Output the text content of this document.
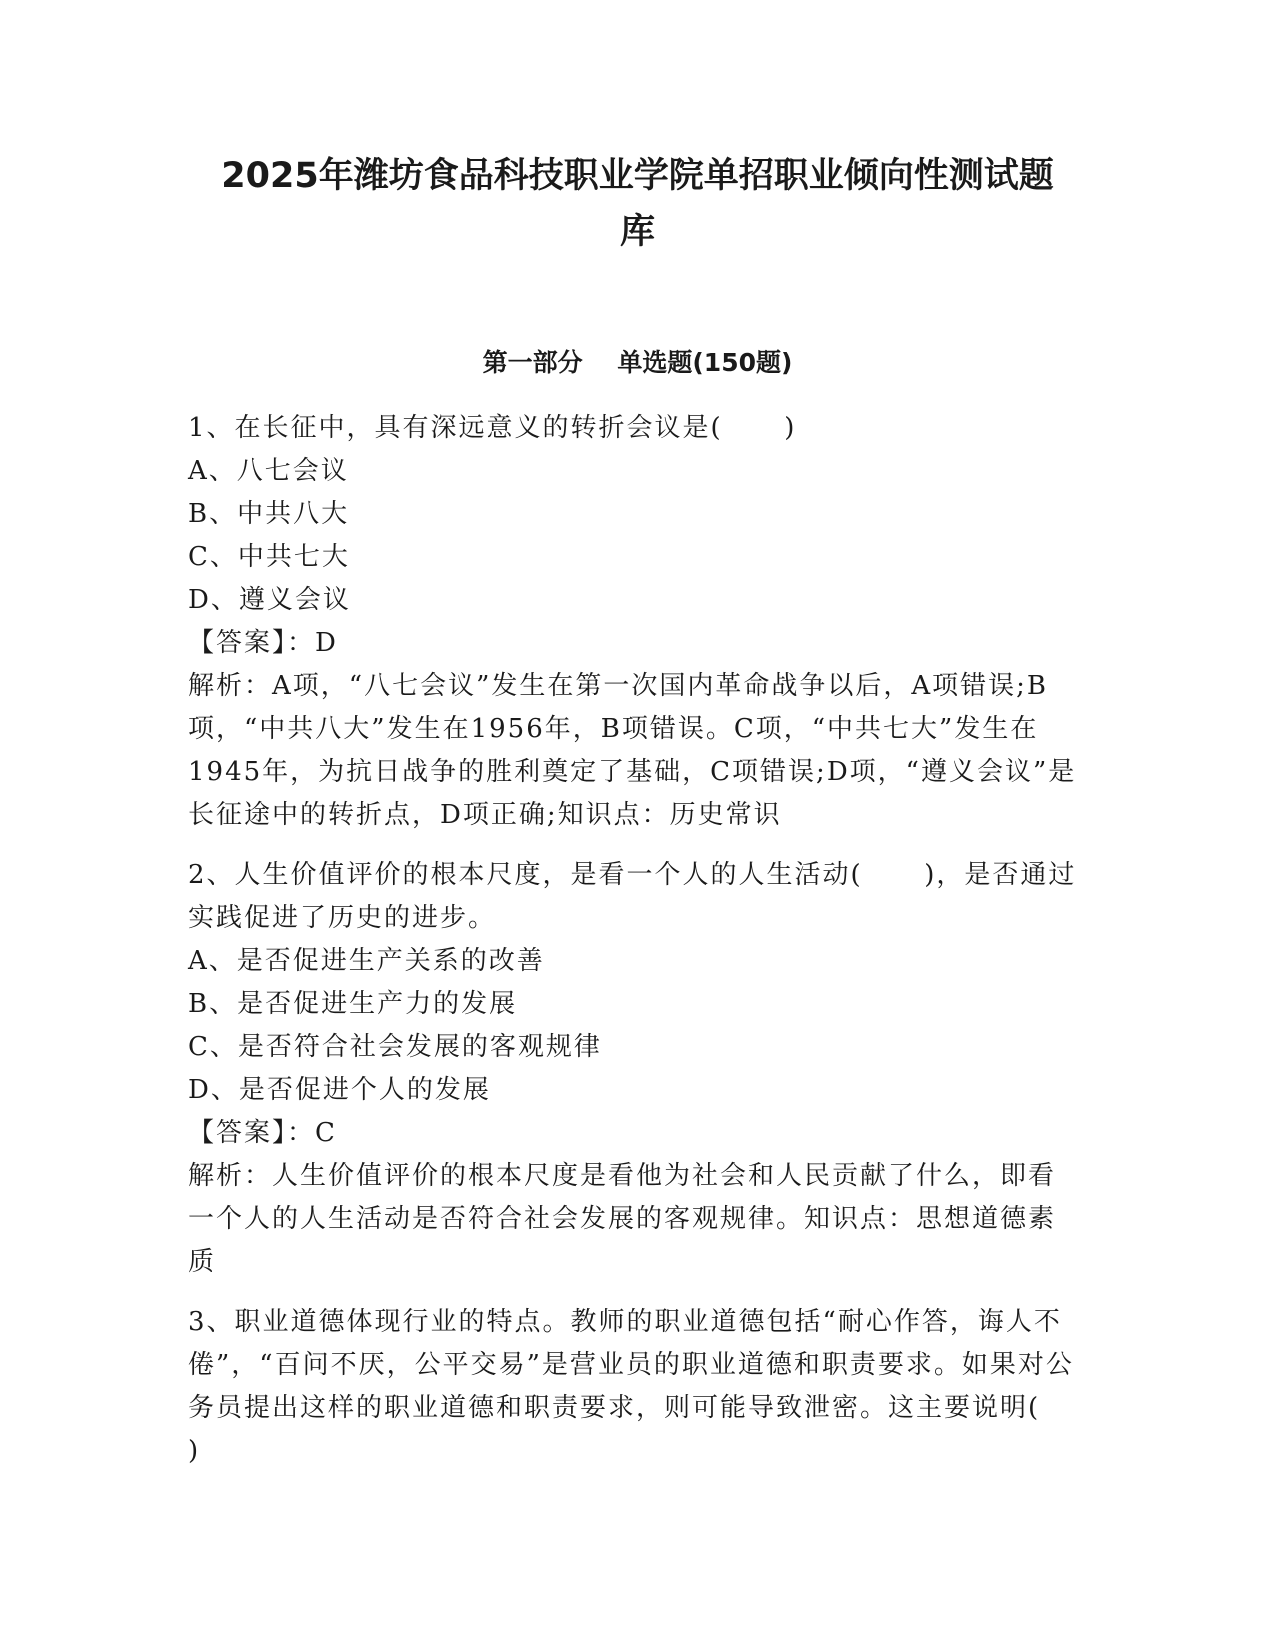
2025年潍坊食品科技职业学院单招职业倾向性测试题
库
第一部分    单选题(150题)

1、在长征中，具有深远意义的转折会议是(      )

A、八七会议

B、中共八大

C、中共七大

D、遵义会议

【答案】：D

解析：A项，“八七会议”发生在第一次国内革命战争以后，A项错误;B项，“中共八大”发生在1956年，B项错误。C项，“中共七大”发生在1945年，为抗日战争的胜利奠定了基础，C项错误;D项，“遵义会议”是长征途中的转折点，D项正确;知识点：历史常识

2、人生价值评价的根本尺度，是看一个人的人生活动(      )，是否通过实践促进了历史的进步。

A、是否促进生产关系的改善

B、是否促进生产力的发展

C、是否符合社会发展的客观规律

D、是否促进个人的发展

【答案】：C

解析：人生价值评价的根本尺度是看他为社会和人民贡献了什么，即看一个人的人生活动是否符合社会发展的客观规律。知识点：思想道德素质

3、职业道德体现行业的特点。教师的职业道德包括“耐心作答，诲人不倦”，“百问不厌，公平交易”是营业员的职业道德和职责要求。如果对公务员提出这样的职业道德和职责要求，则可能导致泄密。这主要说明(      )
